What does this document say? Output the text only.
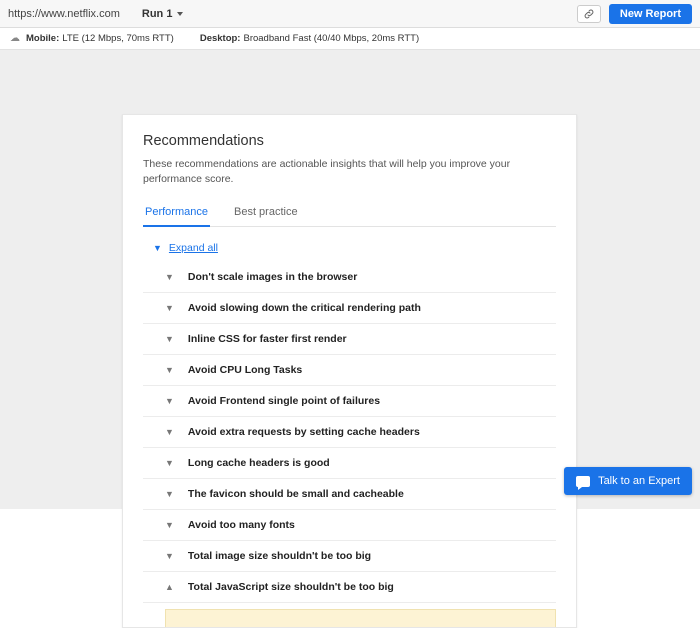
https://www.netflix.com Run 1	New Report
☁ Mobile: LTE (12 Mbps, 70ms RTT)	Desktop: Broadband Fast (40/40 Mbps, 20ms RTT)
Recommendations

These recommendations are actionable insights that will help you improve your performance score.

Performance Best practice
▼ Expand all
▼ Don't scale images in the browser
▼ Avoid slowing down the critical rendering path
▼ Inline CSS for faster first render
▼ Avoid CPU Long Tasks
▼ Avoid Frontend single point of failures
▼ Avoid extra requests by setting cache headers
▼ Long cache headers is good
▼ The favicon should be small and cacheable
▼ Avoid too many fonts
▼ Total image size shouldn't be too big
▲ Total JavaScript size shouldn't be too big
Talk to an Expert
